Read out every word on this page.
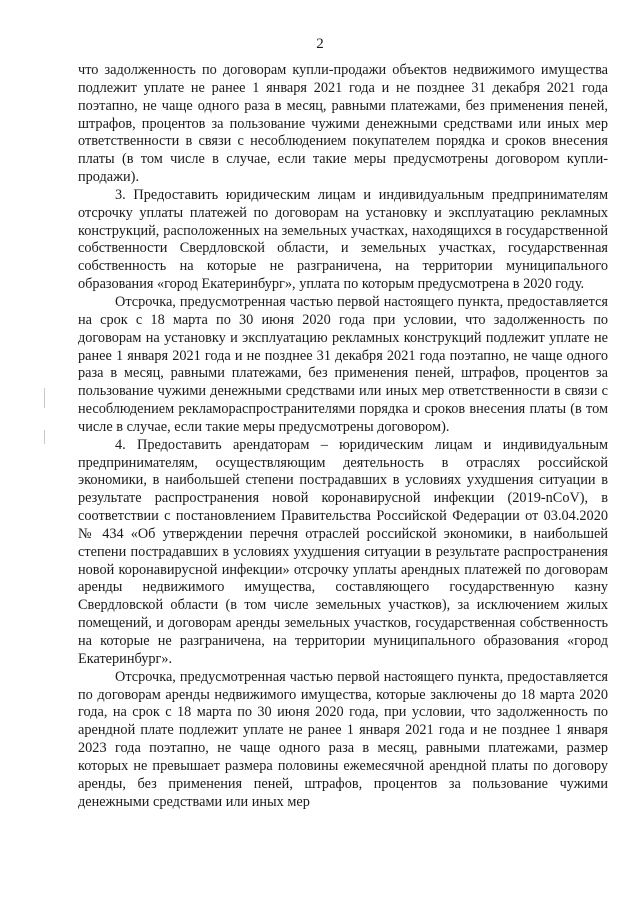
2

что задолженность по договорам купли-продажи объектов недвижимого имущества подлежит уплате не ранее 1 января 2021 года и не позднее 31 декабря 2021 года поэтапно, не чаще одного раза в месяц, равными платежами, без применения пеней, штрафов, процентов за пользование чужими денежными средствами или иных мер ответственности в связи с несоблюдением покупателем порядка и сроков внесения платы (в том числе в случае, если такие меры предусмотрены договором купли-продажи).

3. Предоставить юридическим лицам и индивидуальным предпринимателям отсрочку уплаты платежей по договорам на установку и эксплуатацию рекламных конструкций, расположенных на земельных участках, находящихся в государственной собственности Свердловской области, и земельных участках, государственная собственность на которые не разграничена, на территории муниципального образования «город Екатеринбург», уплата по которым предусмотрена в 2020 году.

Отсрочка, предусмотренная частью первой настоящего пункта, предоставляется на срок с 18 марта по 30 июня 2020 года при условии, что задолженность по договорам на установку и эксплуатацию рекламных конструкций подлежит уплате не ранее 1 января 2021 года и не позднее 31 декабря 2021 года поэтапно, не чаще одного раза в месяц, равными платежами, без применения пеней, штрафов, процентов за пользование чужими денежными средствами или иных мер ответственности в связи с несоблюдением рекламораспространителями порядка и сроков внесения платы (в том числе в случае, если такие меры предусмотрены договором).

4. Предоставить арендаторам – юридическим лицам и индивидуальным предпринимателям, осуществляющим деятельность в отраслях российской экономики, в наибольшей степени пострадавших в условиях ухудшения ситуации в результате распространения новой коронавирусной инфекции (2019-nCoV), в соответствии с постановлением Правительства Российской Федерации от 03.04.2020 № 434 «Об утверждении перечня отраслей российской экономики, в наибольшей степени пострадавших в условиях ухудшения ситуации в результате распространения новой коронавирусной инфекции» отсрочку уплаты арендных платежей по договорам аренды недвижимого имущества, составляющего государственную казну Свердловской области (в том числе земельных участков), за исключением жилых помещений, и договорам аренды земельных участков, государственная собственность на которые не разграничена, на территории муниципального образования «город Екатеринбург».

Отсрочка, предусмотренная частью первой настоящего пункта, предоставляется по договорам аренды недвижимого имущества, которые заключены до 18 марта 2020 года, на срок с 18 марта по 30 июня 2020 года, при условии, что задолженность по арендной плате подлежит уплате не ранее 1 января 2021 года и не позднее 1 января 2023 года поэтапно, не чаще одного раза в месяц, равными платежами, размер которых не превышает размера половины ежемесячной арендной платы по договору аренды, без применения пеней, штрафов, процентов за пользование чужими денежными средствами или иных мер
